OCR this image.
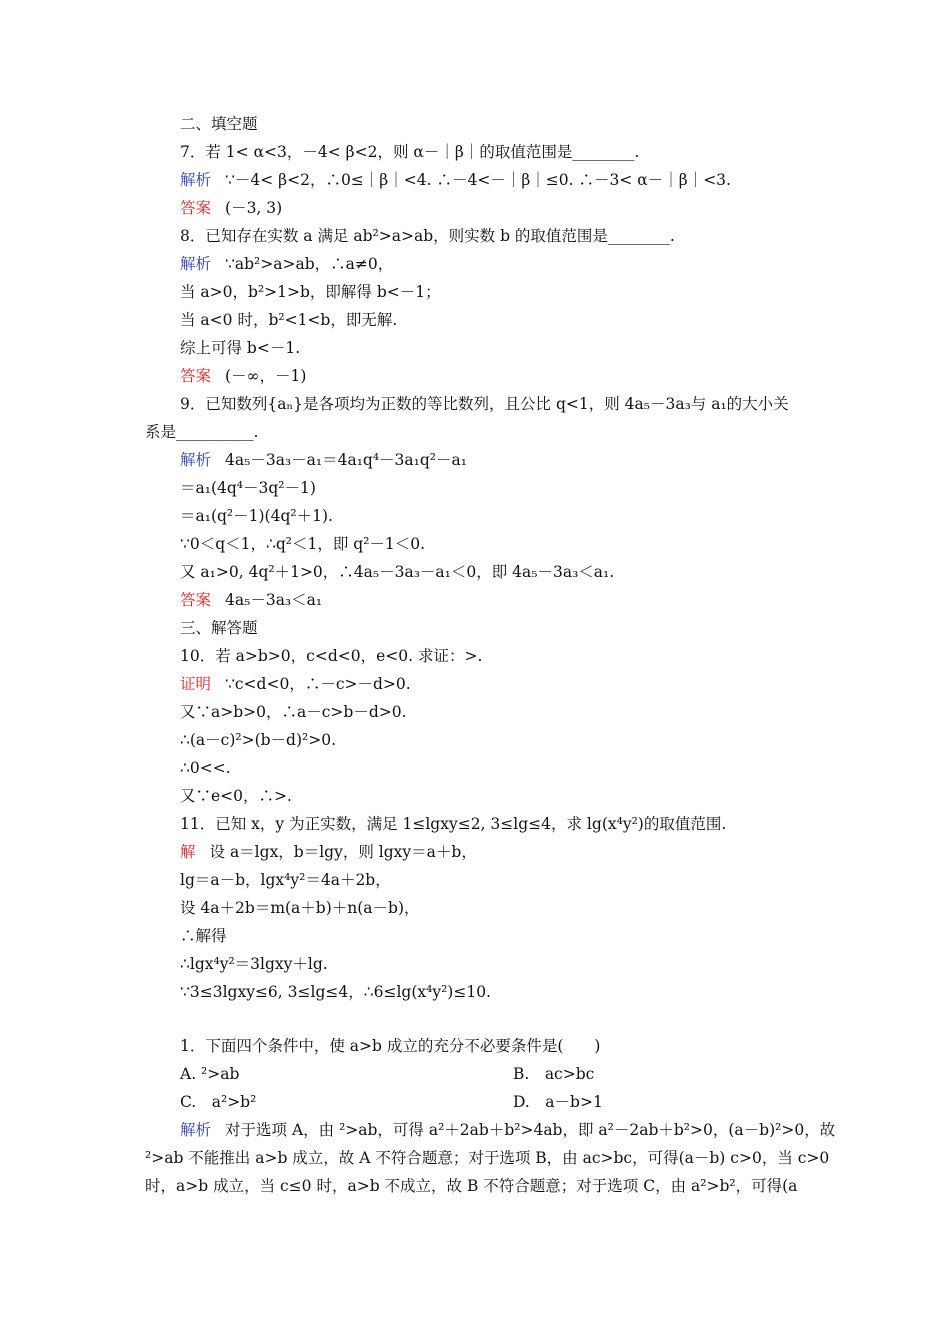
二、填空题
7．若 1< α<3，－4< β<2，则 α－｜β｜的取值范围是________.
解析 ∵－4< β<2，∴0≤｜β｜<4. ∴－4<－｜β｜≤0. ∴－3< α－｜β｜<3.
答案 (－3, 3)
8．已知存在实数 a 满足 ab²>a>ab，则实数 b 的取值范围是________.
解析 ∵ab²>a>ab，∴a≠0，
当 a>0，b²>1>b，即解得 b<－1；
当 a<0 时，b²<1<b，即无解.
综上可得 b<－1.
答案 (－∞，－1)
9．已知数列{aₙ}是各项均为正数的等比数列，且公比 q<1，则 4a₅－3a₃与 a₁的大小关
系是__________.
解析 4a₅－3a₃－a₁＝4a₁q⁴－3a₁q²－a₁
＝a₁(4q⁴－3q²－1)
＝a₁(q²－1)(4q²＋1).
∵0＜q＜1，∴q²＜1，即 q²－1＜0.
又 a₁>0, 4q²＋1>0，∴4a₅－3a₃－a₁＜0，即 4a₅－3a₃＜a₁.
答案 4a₅－3a₃＜a₁
三、解答题
10．若 a>b>0，c<d<0，e<0. 求证：>.
证明 ∵c<d<0，∴－c>－d>0.
又∵a>b>0，∴a－c>b－d>0.
∴(a－c)²>(b－d)²>0.
∴0<<.
又∵e<0，∴>.
11．已知 x，y 为正实数，满足 1≤lgxy≤2, 3≤lg≤4，求 lg(x⁴y²)的取值范围.
解 设 a＝lgx，b＝lgy，则 lgxy＝a＋b，
lg＝a－b，lgx⁴y²＝4a＋2b，
设 4a＋2b＝m(a＋b)＋n(a－b)，
∴解得
∴lgx⁴y²＝3lgxy＋lg.
∵3≤3lgxy≤6, 3≤lg≤4，∴6≤lg(x⁴y²)≤10.
1．下面四个条件中，使 a>b 成立的充分不必要条件是(　　)
解析 对于选项 A，由 ²>ab，可得 a²＋2ab＋b²>4ab，即 a²－2ab＋b²>0，(a－b)²>0，故
²>ab 不能推出 a>b 成立，故 A 不符合题意；对于选项 B，由 ac>bc，可得(a－b) c>0，当 c>0
时，a>b 成立，当 c≤0 时，a>b 不成立，故 B 不符合题意；对于选项 C，由 a²>b²，可得(a
A. ²>ab	B.　ac>bc
C.　a²>b²	D.　a－b>1
